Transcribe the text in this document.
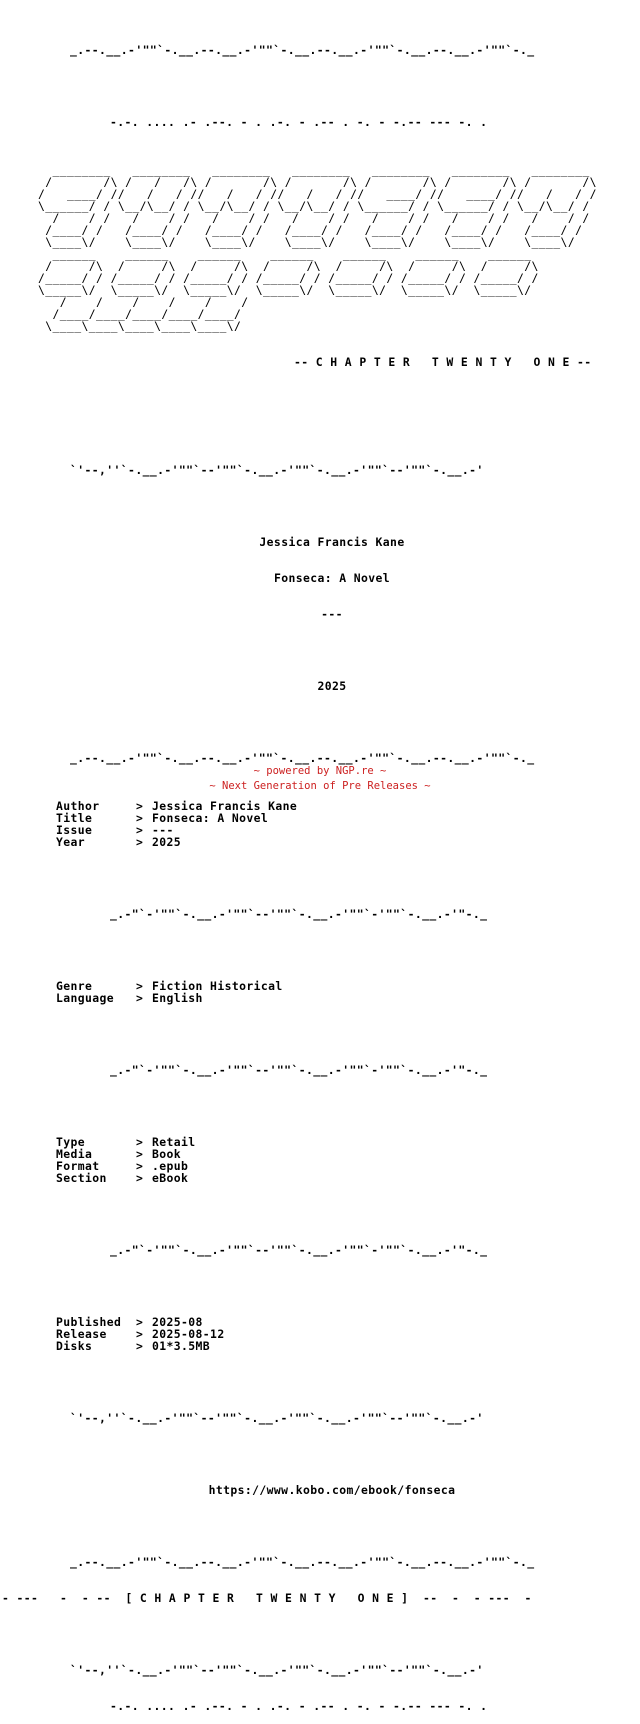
_.--.__.-'""`-.__.--.__.-'""`-.__.--.__.-'""`-.__.--.__.-'""`-._

-.-. .... .- .--. - . .-. - .-- . -. - -.-- --- -. .

________   ________   ________   ________   ________   ________   ________
/       /\ /   /   /\ /       /\ /       /\ /       /\ /       /\ /       /\
/   ____/ //   /   / //   /   / //   /   / //   ____/ //   ____/ //   /   / /
\______/ / \__/\__/ / \__/\__/ / \__/\__/ / \______/ / \______/ / \__/\__/ /
/    / /   /    / /   /    / /   /    / /   /    / /   /    / /   /    / /
/____/ /   /____/ /   /____/ /   /____/ /   /____/ /   /____/ /   /____/ /
\____\/    \____\/    \____\/    \____\/    \____\/    \____\/    \____\/
______    ______    ______    ______    ______    ______    ______
/     /\  /     /\  /     /\  /     /\  /     /\  /     /\  /     /\
/_____/ / /_____/ / /_____/ / /_____/ / /_____/ / /_____/ / /_____/ /
\_____\/  \_____\/  \_____\/  \_____\/  \_____\/  \_____\/  \_____\/
/    /    /    /    /    /
/____/____/____/____/____/
\____\____\____\____\____\/

-- C H A P T E R   T W E N T Y   O N E --

`'--,''`-.__.-'""`--'""`-.__.-'""`-.__.-'""`--'""`-.__.-'

Jessica Francis Kane

Fonseca: A Novel

---

2025

_.--.__.-'""`-.__.--.__.-'""`-.__.--.__.-'""`-.__.--.__.-'""`-._

Author	> Jessica Francis Kane
Title	> Fonseca: A Novel
Issue	> ---
Year	> 2025

_.-"`-'""`-.__.-'""`--'""`-.__.-'""`-'""`-.__.-'"-._

Genre	> Fiction Historical
Language > English

_.-"`-'""`-.__.-'""`--'""`-.__.-'""`-'""`-.__.-'"-._

Type	> Retail
Media	> Book
Format	> .epub
Section	> eBook

_.-"`-'""`-.__.-'""`--'""`-.__.-'""`-'""`-.__.-'"-._

Published > 2025-08
Release	> 2025-08-12
Disks	> 01*3.5MB

`'--,''`-.__.-'""`--'""`-.__.-'""`-.__.-'""`--'""`-.__.-'

https://www.kobo.com/ebook/fonseca

_.--.__.-'""`-.__.--.__.-'""`-.__.--.__.-'""`-.__.--.__.-'""`-._

- ---   -  - --  [ C H A P T E R   T W E N T Y   O N E ]  --  -  - ---  -

`'--,''`-.__.-'""`--'""`-.__.-'""`-.__.-'""`--'""`-.__.-'

-.-. .... .- .--. - . .-. - .-- . -. - -.-- --- -. .

~ powered by NGP.re ~
~ Next Generation of Pre Releases ~
